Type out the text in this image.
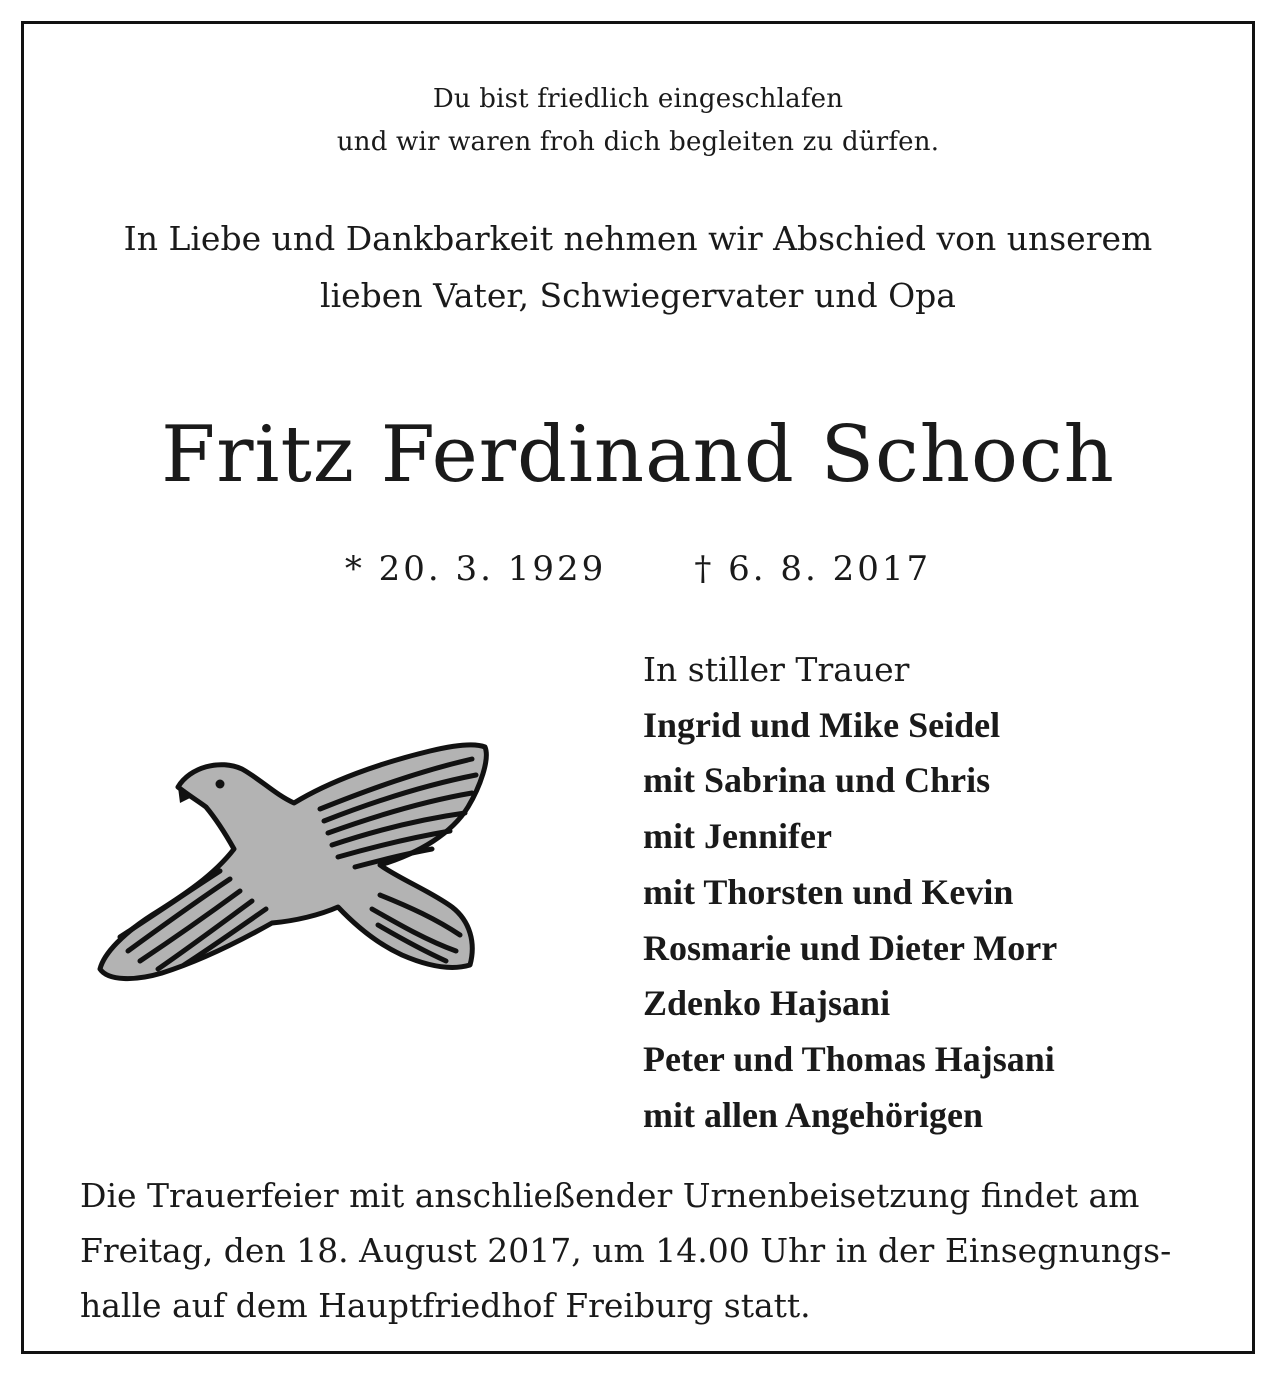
Du bist friedlich eingeschlafen
und wir waren froh dich begleiten zu dürfen.
In Liebe und Dankbarkeit nehmen wir Abschied von unserem
lieben Vater, Schwiegervater und Opa
Fritz Ferdinand Schoch
* 20. 3. 1929	† 6. 8. 2017
In stiller Trauer
Ingrid und Mike Seidel
mit Sabrina und Chris
mit Jennifer
mit Thorsten und Kevin
Rosmarie und Dieter Morr
Zdenko Hajsani
Peter und Thomas Hajsani
mit allen Angehörigen
Die Trauerfeier mit anschließender Urnenbeisetzung findet am
Freitag, den 18. August 2017, um 14.00 Uhr in der Einsegnungs-
halle auf dem Hauptfriedhof Freiburg statt.
